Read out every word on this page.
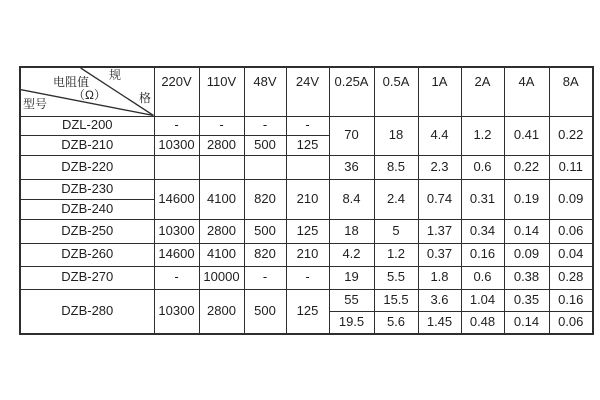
规
格
电阻值
（Ω）
型号	220V	110V	48V	24V	0.25A	0.5A	1A	2A	4A	8A
DZL-200	-	-	-	-	70	18	4.4	1.2	0.41	0.22
DZB-210	10300	2800	500	125						
DZB-220					36	8.5	2.3	0.6	0.22	0.11
DZB-230	14600	4100	820	210	8.4	2.4	0.74	0.31	0.19	0.09
DZB-240										
DZB-250	10300	2800	500	125	18	5	1.37	0.34	0.14	0.06
DZB-260	14600	4100	820	210	4.2	1.2	0.37	0.16	0.09	0.04
DZB-270	-	10000	-	-	19	5.5	1.8	0.6	0.38	0.28
DZB-280	10300	2800	500	125	55	15.5	3.6	1.04	0.35	0.16
					19.5	5.6	1.45	0.48	0.14	0.06
